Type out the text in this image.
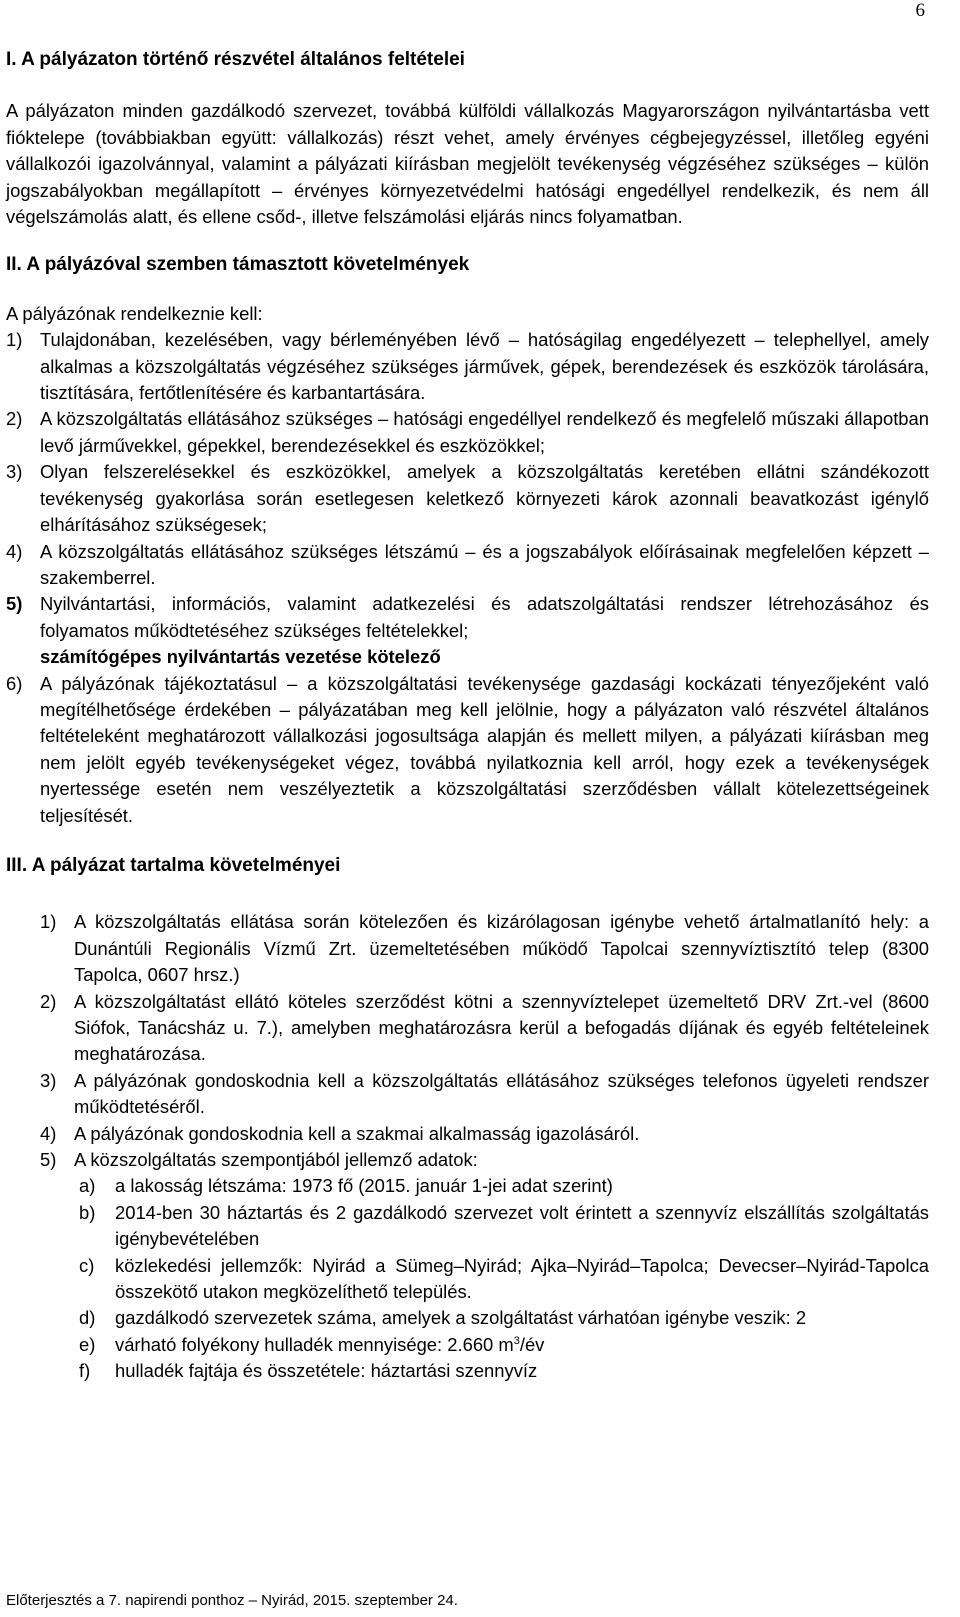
6
I. A pályázaton történő részvétel általános feltételei

A pályázaton minden gazdálkodó szervezet, továbbá külföldi vállalkozás Magyarországon nyilvántartásba vett fióktelepe (továbbiakban együtt: vállalkozás) részt vehet, amely érvényes cégbejegyzéssel, illetőleg egyéni vállalkozói igazolvánnyal, valamint a pályázati kiírásban megjelölt tevékenység végzéséhez szükséges – külön jogszabályokban megállapított – érvényes környezetvédelmi hatósági engedéllyel rendelkezik, és nem áll végelszámolás alatt, és ellene csőd-, illetve felszámolási eljárás nincs folyamatban.

II. A pályázóval szemben támasztott követelmények

A pályázónak rendelkeznie kell:

1) Tulajdonában, kezelésében, vagy bérleményében lévő – hatóságilag engedélyezett – telephellyel, amely alkalmas a közszolgáltatás végzéséhez szükséges járművek, gépek, berendezések és eszközök tárolására, tisztítására, fertőtlenítésére és karbantartására.
2) A közszolgáltatás ellátásához szükséges – hatósági engedéllyel rendelkező és megfelelő műszaki állapotban levő járművekkel, gépekkel, berendezésekkel és eszközökkel;
3) Olyan felszerelésekkel és eszközökkel, amelyek a közszolgáltatás keretében ellátni szándékozott tevékenység gyakorlása során esetlegesen keletkező környezeti károk azonnali beavatkozást igénylő elhárításához szükségesek;
4) A közszolgáltatás ellátásához szükséges létszámú – és a jogszabályok előírásainak megfelelően képzett – szakemberrel.
5) Nyilvántartási, információs, valamint adatkezelési és adatszolgáltatási rendszer létrehozásához és folyamatos működtetéséhez szükséges feltételekkel;
számítógépes nyilvántartás vezetése kötelező
6) A pályázónak tájékoztatásul – a közszolgáltatási tevékenysége gazdasági kockázati tényezőjeként való megítélhetősége érdekében – pályázatában meg kell jelölnie, hogy a pályázaton való részvétel általános feltételeként meghatározott vállalkozási jogosultsága alapján és mellett milyen, a pályázati kiírásban meg nem jelölt egyéb tevékenységeket végez, továbbá nyilatkoznia kell arról, hogy ezek a tevékenységek nyertessége esetén nem veszélyeztetik a közszolgáltatási szerződésben vállalt kötelezettségeinek teljesítését.
III. A pályázat tartalma követelményei
1) A közszolgáltatás ellátása során kötelezően és kizárólagosan igénybe vehető ártalmatlanító hely: a Dunántúli Regionális Vízmű Zrt. üzemeltetésében működő Tapolcai szennyvíztisztító telep (8300 Tapolca, 0607 hrsz.)
2) A közszolgáltatást ellátó köteles szerződést kötni a szennyvíztelepet üzemeltető DRV Zrt.-vel (8600 Siófok, Tanácsház u. 7.), amelyben meghatározásra kerül a befogadás díjának és egyéb feltételeinek meghatározása.
3) A pályázónak gondoskodnia kell a közszolgáltatás ellátásához szükséges telefonos ügyeleti rendszer működtetéséről.
4) A pályázónak gondoskodnia kell a szakmai alkalmasság igazolásáról.
5) A közszolgáltatás szempontjából jellemző adatok:
a)	a lakosság létszáma: 1973 fő (2015. január 1-jei adat szerint)
b)	2014-ben 30 háztartás és 2 gazdálkodó szervezet volt érintett a szennyvíz elszállítás szolgáltatás igénybevételében
c)	közlekedési jellemzők: Nyirád a Sümeg–Nyirád; Ajka–Nyirád–Tapolca; Devecser–Nyirád-Tapolca összekötő utakon megközelíthető település.
d)	gazdálkodó szervezetek száma, amelyek a szolgáltatást várhatóan igénybe veszik: 2
e)	várható folyékony hulladék mennyisége: 2.660 $m^3/év$
f)	hulladék fajtája és összetétele: háztartási szennyvíz
Előterjesztés a 7. napirendi ponthoz – Nyirád, 2015. szeptember 24.
